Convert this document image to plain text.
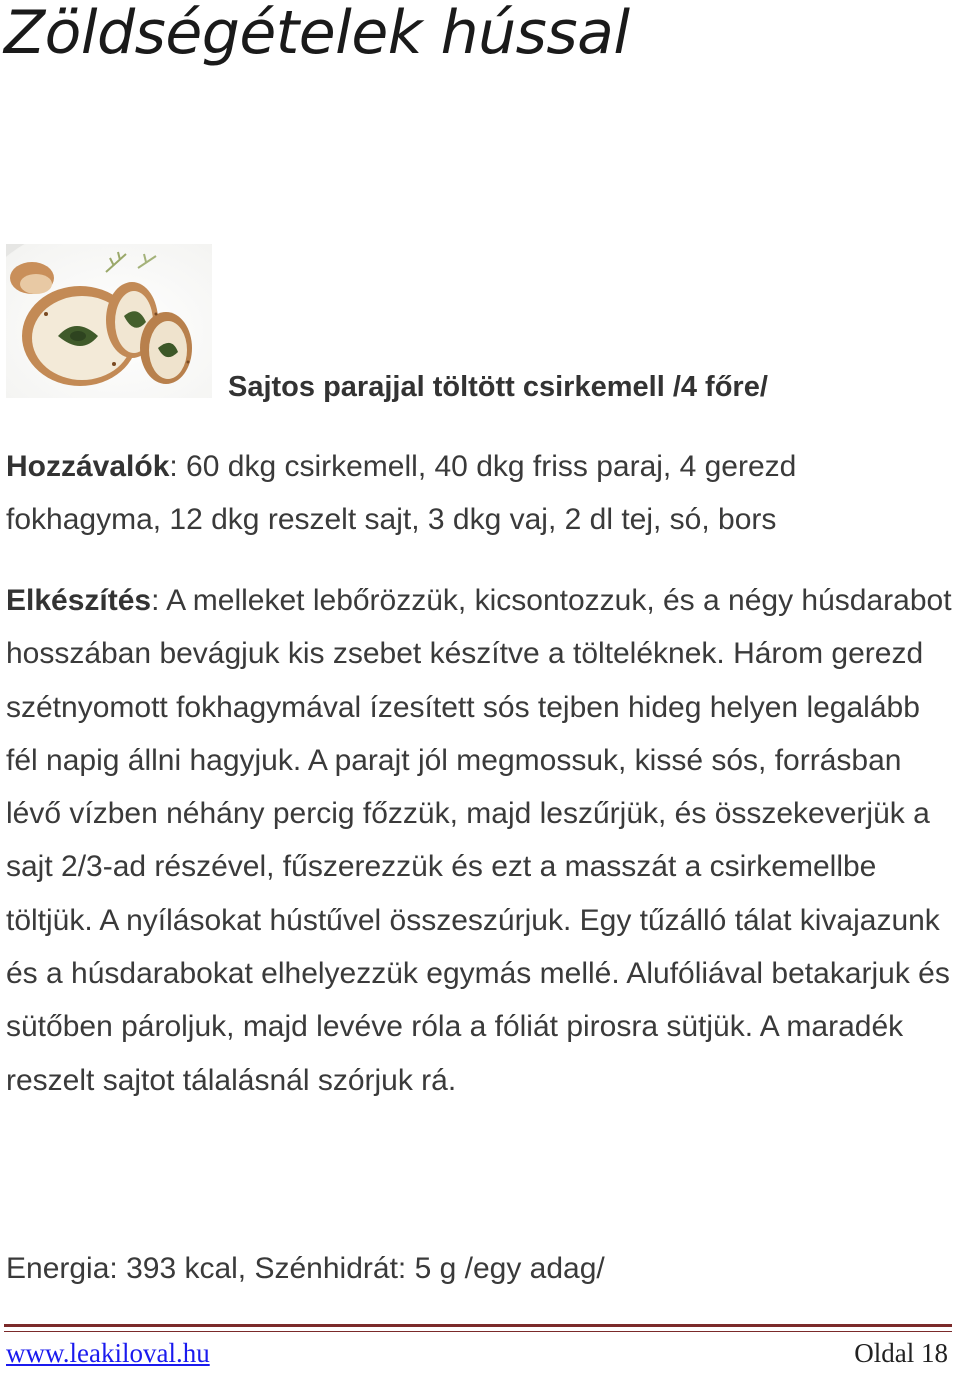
Zöldségételek hússal
Sajtos parajjal töltött csirkemell /4 főre/

Hozzávalók: 60 dkg csirkemell, 40 dkg friss paraj, 4 gerezd fokhagyma, 12 dkg reszelt sajt, 3 dkg vaj, 2 dl tej, só, bors

Elkészítés: A melleket lebőrözzük, kicsontozzuk, és a négy húsdarabot hosszában bevágjuk kis zsebet készítve a tölteléknek. Három gerezd szétnyomott fokhagymával ízesített sós tejben hideg helyen legalább fél napig állni hagyjuk. A parajt jól megmossuk, kissé sós, forrásban lévő vízben néhány percig főzzük, majd leszűrjük, és összekeverjük a sajt 2/3-ad részével, fűszerezzük és ezt a masszát a csirkemellbe töltjük. A nyílásokat hústűvel összeszúrjuk. Egy tűzálló tálat kivajazunk és a húsdarabokat elhelyezzük egymás mellé. Alufóliával betakarjuk és sütőben pároljuk, majd levéve róla a fóliát pirosra sütjük. A maradék reszelt sajtot tálalásnál szórjuk rá.

Energia: 393 kcal, Szénhidrát: 5 g /egy adag/

www.leakiloval.hu	Oldal 18
